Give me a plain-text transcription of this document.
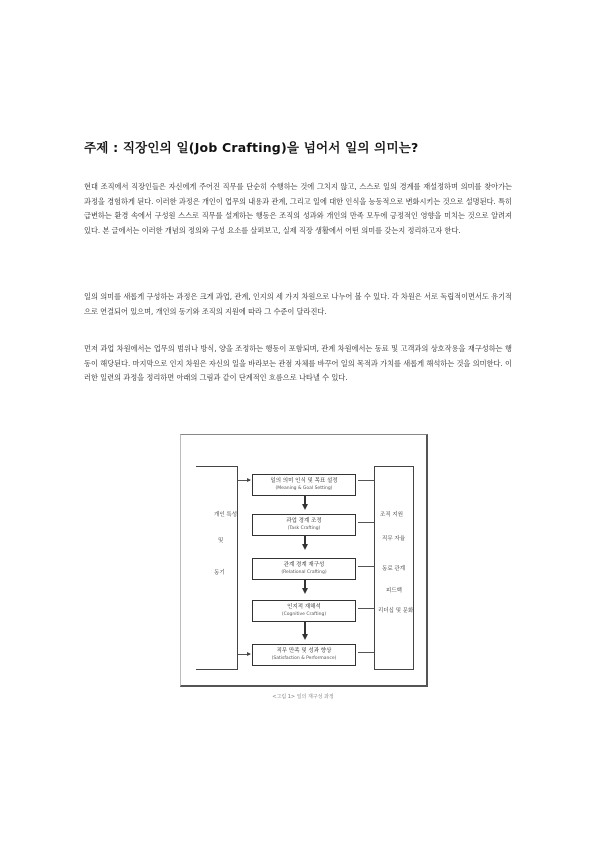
주제 : 직장인의 일(Job Crafting)을 넘어서 일의 의미는?

현대 조직에서 직장인들은 자신에게 주어진 직무를 단순히 수행하는 것에 그치지 않고, 스스로 일의 경계를 재설정하며 의미를 찾아가는 과정을 경험하게 된다. 이러한 과정은 개인이 업무의 내용과 관계, 그리고 일에 대한 인식을 능동적으로 변화시키는 것으로 설명된다. 특히 급변하는 환경 속에서 구성원 스스로 직무를 설계하는 행동은 조직의 성과와 개인의 만족 모두에 긍정적인 영향을 미치는 것으로 알려져 있다. 본 글에서는 이러한 개념의 정의와 구성 요소를 살펴보고, 실제 직장 생활에서 어떤 의미를 갖는지 정리하고자 한다.

일의 의미를 새롭게 구성하는 과정은 크게 과업, 관계, 인지의 세 가지 차원으로 나누어 볼 수 있다. 각 차원은 서로 독립적이면서도 유기적으로 연결되어 있으며, 개인의 동기와 조직의 지원에 따라 그 수준이 달라진다.

먼저 과업 차원에서는 업무의 범위나 방식, 양을 조정하는 행동이 포함되며, 관계 차원에서는 동료 및 고객과의 상호작용을 재구성하는 행동이 해당된다. 마지막으로 인지 차원은 자신의 일을 바라보는 관점 자체를 바꾸어 일의 목적과 가치를 새롭게 해석하는 것을 의미한다. 이러한 일련의 과정을 정리하면 아래의 그림과 같이 단계적인 흐름으로 나타낼 수 있다.

개인 특성
및
동기
조직 지원
직무 자율
동료 관계
피드백
리더십 및 문화
일의 의미 인식 및 목표 설정
(Meaning & Goal Setting)
과업 경계 조정
(Task Crafting)
관계 경계 재구성
(Relational Crafting)
인지적 재해석
(Cognitive Crafting)
직무 만족 및 성과 향상
(Satisfaction & Performance)
<그림 1> 일의 재구성 과정
